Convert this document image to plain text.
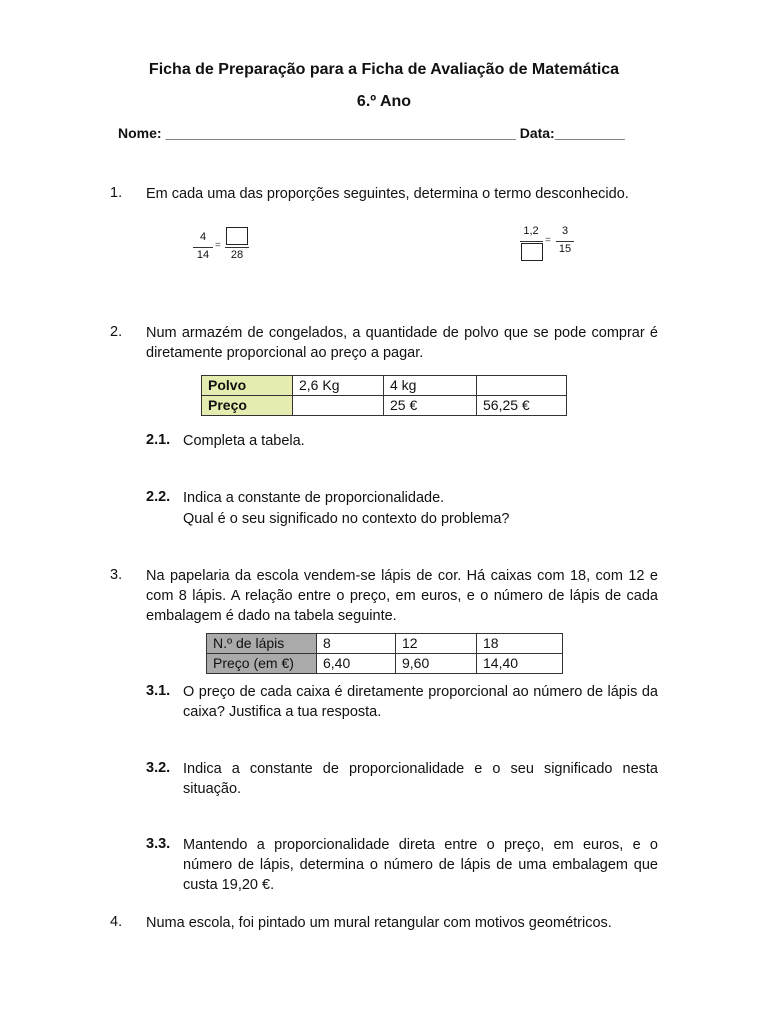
Ficha de Preparação para a Ficha de Avaliação de Matemática
6.º Ano
Nome: _____________________________________________ Data:_________
1. Em cada uma das proporções seguintes, determina o termo desconhecido.
4
14
=
28
1,2
=
3
15
2. Num armazém de congelados, a quantidade de polvo que se pode comprar é diretamente proporcional ao preço a pagar.
Polvo	2,6 Kg	4 kg	
Preço		25 €	56,25 €
2.1. Completa a tabela.
2.2. Indica a constante de proporcionalidade.
Qual é o seu significado no contexto do problema?
3. Na papelaria da escola vendem-se lápis de cor. Há caixas com 18, com 12 e com 8 lápis. A relação entre o preço, em euros, e o número de lápis de cada embalagem é dado na tabela seguinte.
N.º de lápis	8	12	18
Preço (em €)	6,40	9,60	14,40
3.1. O preço de cada caixa é diretamente proporcional ao número de lápis da caixa? Justifica a tua resposta.
3.2. Indica a constante de proporcionalidade e o seu significado nesta situação.
3.3. Mantendo a proporcionalidade direta entre o preço, em euros, e o número de lápis, determina o número de lápis de uma embalagem que custa 19,20 €.
4. Numa escola, foi pintado um mural retangular com motivos geométricos.
